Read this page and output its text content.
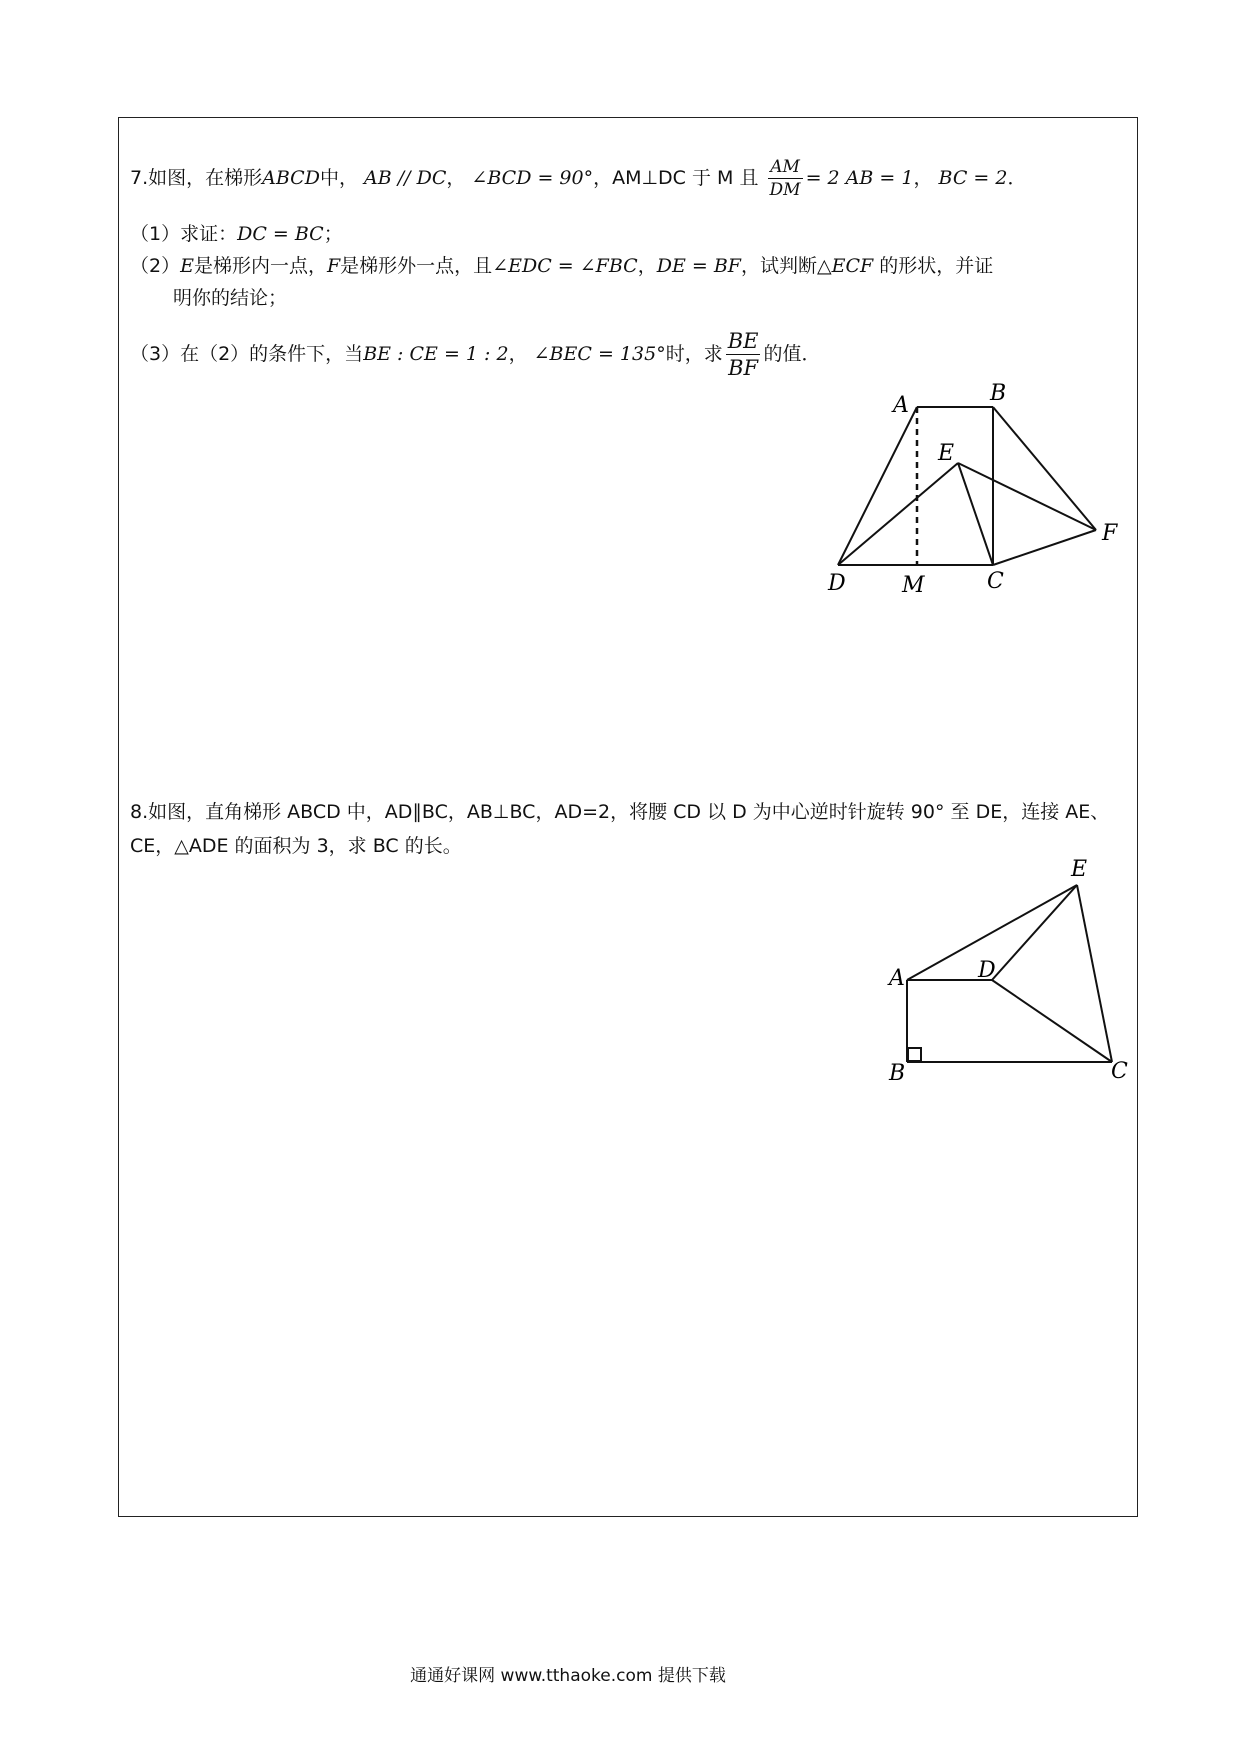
7.如图，在梯形ABCD中， AB // DC， ∠BCD = 90°，AM⊥DC 于 M 且 $\frac{AM}{DM} = 2$ AB = 1， BC = 2．
（1）求证：DC = BC；
（2）E是梯形内一点，F是梯形外一点，且∠EDC = ∠FBC，DE = BF，试判断△ECF 的形状，并证
明你的结论；
（3）在（2）的条件下，当BE : CE = 1 : 2， ∠BEC = 135°时，求 $\frac{BE}{BF}$ 的值．
A	B
E
F
D	M	C
8.如图，直角梯形 ABCD 中，AD∥BC，AB⊥BC，AD=2，将腰 CD 以 D 为中心逆时针旋转 90° 至 DE，连接 AE、
CE，△ADE 的面积为 3，求 BC 的长。
A
B	C
D
E
通通好课网 www.tthaoke.com 提供下载
